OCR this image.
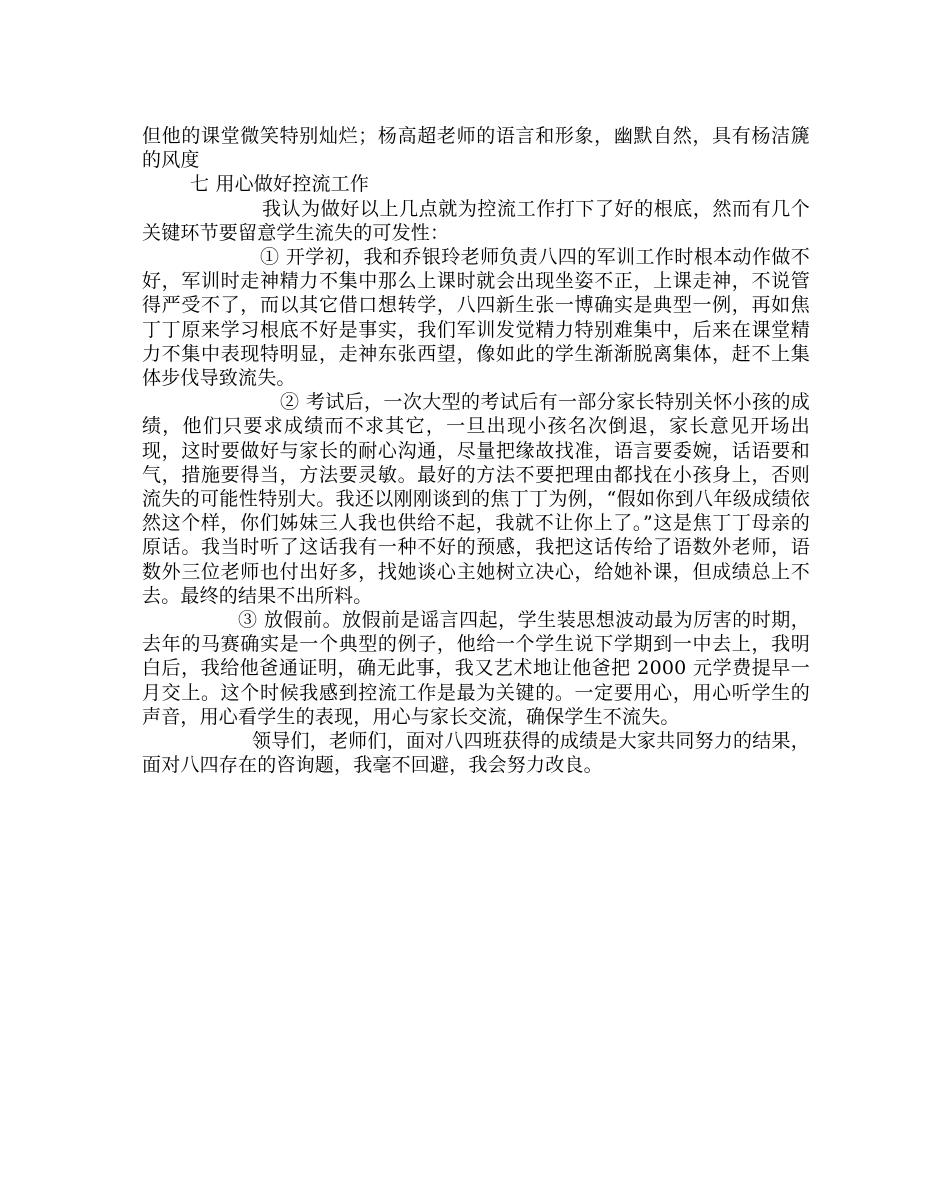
但他的课堂微笑特别灿烂；杨高超老师的语言和形象，幽默自然，具有杨洁篪的风度

七 用心做好控流工作

我认为做好以上几点就为控流工作打下了好的根底，然而有几个关键环节要留意学生流失的可发性：

① 开学初，我和乔银玲老师负责八四的军训工作时根本动作做不好，军训时走神精力不集中那么上课时就会出现坐姿不正，上课走神，不说管得严受不了，而以其它借口想转学，八四新生张一博确实是典型一例，再如焦丁丁原来学习根底不好是事实，我们军训发觉精力特别难集中，后来在课堂精力不集中表现特明显，走神东张西望，像如此的学生渐渐脱离集体，赶不上集体步伐导致流失。

② 考试后，一次大型的考试后有一部分家长特别关怀小孩的成绩，他们只要求成绩而不求其它，一旦出现小孩名次倒退，家长意见开场出现，这时要做好与家长的耐心沟通，尽量把缘故找准，语言要委婉，话语要和气，措施要得当，方法要灵敏。最好的方法不要把理由都找在小孩身上，否则流失的可能性特别大。我还以刚刚谈到的焦丁丁为例，“假如你到八年级成绩依然这个样，你们姊妹三人我也供给不起，我就不让你上了。”这是焦丁丁母亲的原话。我当时听了这话我有一种不好的预感，我把这话传给了语数外老师，语数外三位老师也付出好多，找她谈心主她树立决心，给她补课，但成绩总上不去。最终的结果不出所料。

③ 放假前。放假前是谣言四起，学生装思想波动最为厉害的时期，去年的马赛确实是一个典型的例子，他给一个学生说下学期到一中去上，我明白后，我给他爸通证明，确无此事，我又艺术地让他爸把 2000 元学费提早一月交上。这个时候我感到控流工作是最为关键的。一定要用心，用心听学生的声音，用心看学生的表现，用心与家长交流，确保学生不流失。

领导们，老师们，面对八四班获得的成绩是大家共同努力的结果，面对八四存在的咨询题，我毫不回避，我会努力改良。
